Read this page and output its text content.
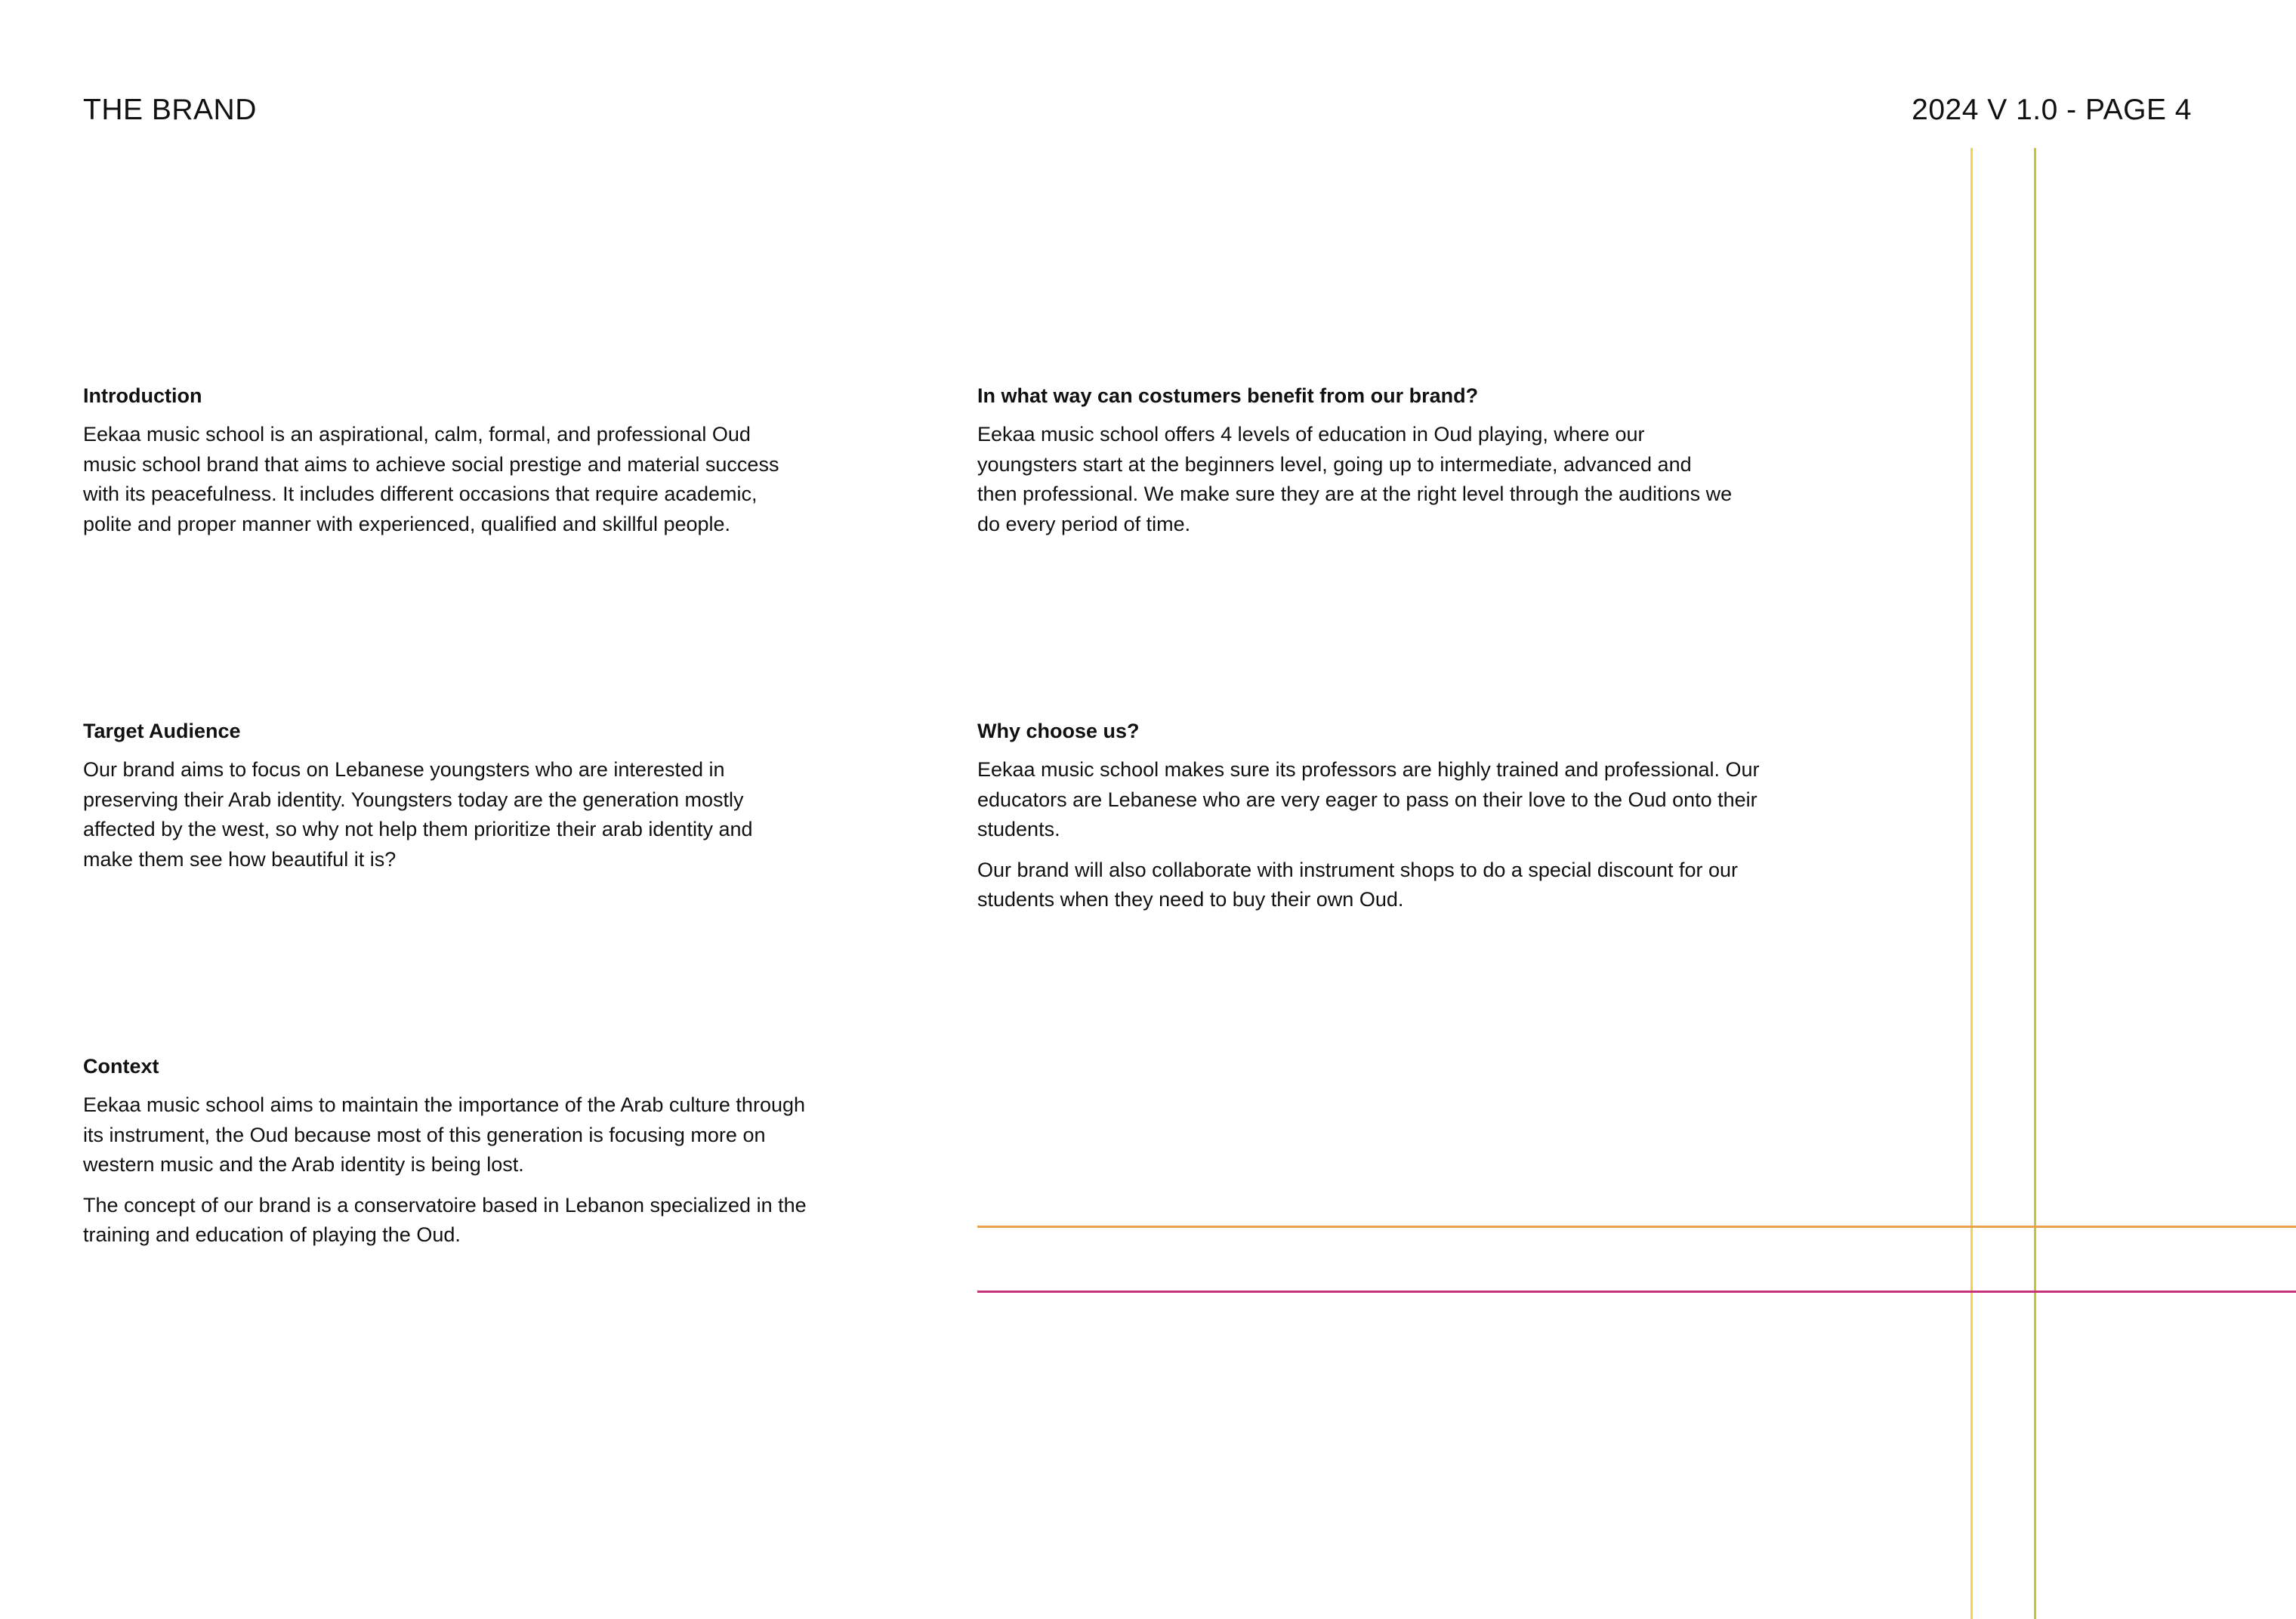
THE BRAND	2024 V 1.0 - PAGE 4
Introduction

Eekaa music school is an aspirational, calm, formal, and professional Oud music school brand that aims to achieve social prestige and material success with its peacefulness. It includes different occasions that require academic, polite and proper manner with experienced, qualified and skillful people.

Target Audience

Our brand aims to focus on Lebanese youngsters who are interested in preserving their Arab identity. Youngsters today are the generation mostly affected by the west, so why not help them prioritize their arab identity and make them see how beautiful it is?

Context

Eekaa music school aims to maintain the importance of the Arab culture through its instrument, the Oud because most of this generation is focusing more on western music and the Arab identity is being lost.

The concept of our brand is a conservatoire based in Lebanon specialized in the training and education of playing the Oud.

In what way can costumers benefit from our brand?

Eekaa music school offers 4 levels of education in Oud playing, where our youngsters start at the beginners level, going up to intermediate, advanced and then professional. We make sure they are at the right level through the auditions we do every period of time.

Why choose us?

Eekaa music school makes sure its professors are highly trained and professional. Our educators are Lebanese who are very eager to pass on their love to the Oud onto their students.

Our brand will also collaborate with instrument shops to do a special discount for our students when they need to buy their own Oud.
